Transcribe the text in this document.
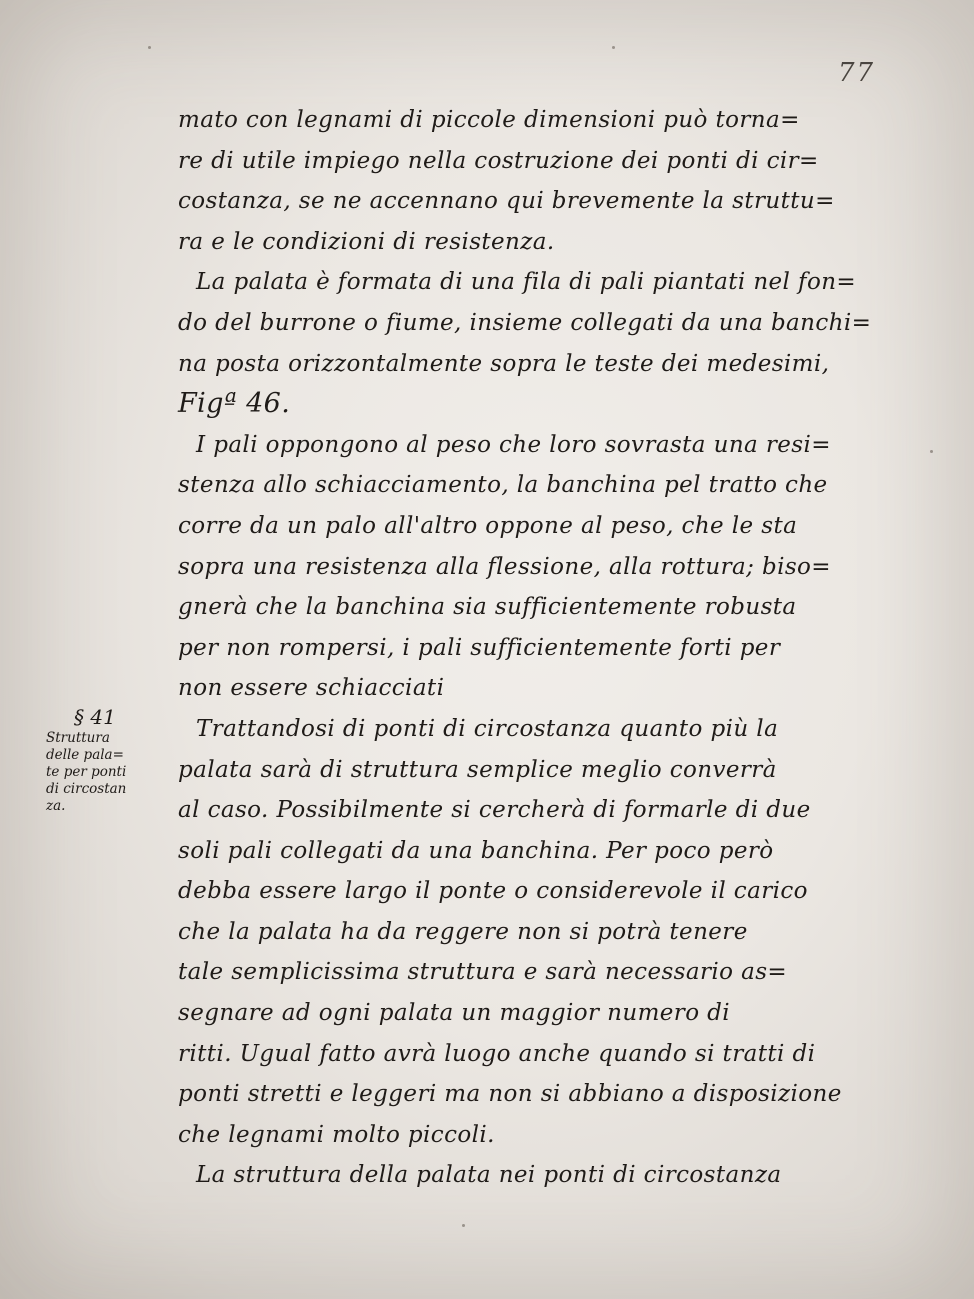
77
§ 41
Struttura
delle pala=
te per ponti
di circostan
za.
mato con legnami di piccole dimensioni può torna=
re di utile impiego nella costruzione dei ponti di cir=
costanza, se ne accennano qui brevemente la struttu=
ra e le condizioni di resistenza.
La palata è formata di una fila di pali piantati nel fon=
do del burrone o fiume, insieme collegati da una banchi=
na posta orizzontalmente sopra le teste dei medesimi,
Figª 46.
I pali oppongono al peso che loro sovrasta una resi=
stenza allo schiacciamento, la banchina pel tratto che
corre da un palo all'altro oppone al peso, che le sta
sopra una resistenza alla flessione, alla rottura; biso=
gnerà che la banchina sia sufficientemente robusta
per non rompersi, i pali sufficientemente forti per
non essere schiacciati
Trattandosi di ponti di circostanza quanto più la
palata sarà di struttura semplice meglio converrà
al caso. Possibilmente si cercherà di formarle di due
soli pali collegati da una banchina. Per poco però
debba essere largo il ponte o considerevole il carico
che la palata ha da reggere non si potrà tenere
tale semplicissima struttura e sarà necessario as=
segnare ad ogni palata un maggior numero di
ritti. Ugual fatto avrà luogo anche quando si tratti di
ponti stretti e leggeri ma non si abbiano a disposizione
che legnami molto piccoli.
La struttura della palata nei ponti di circostanza
